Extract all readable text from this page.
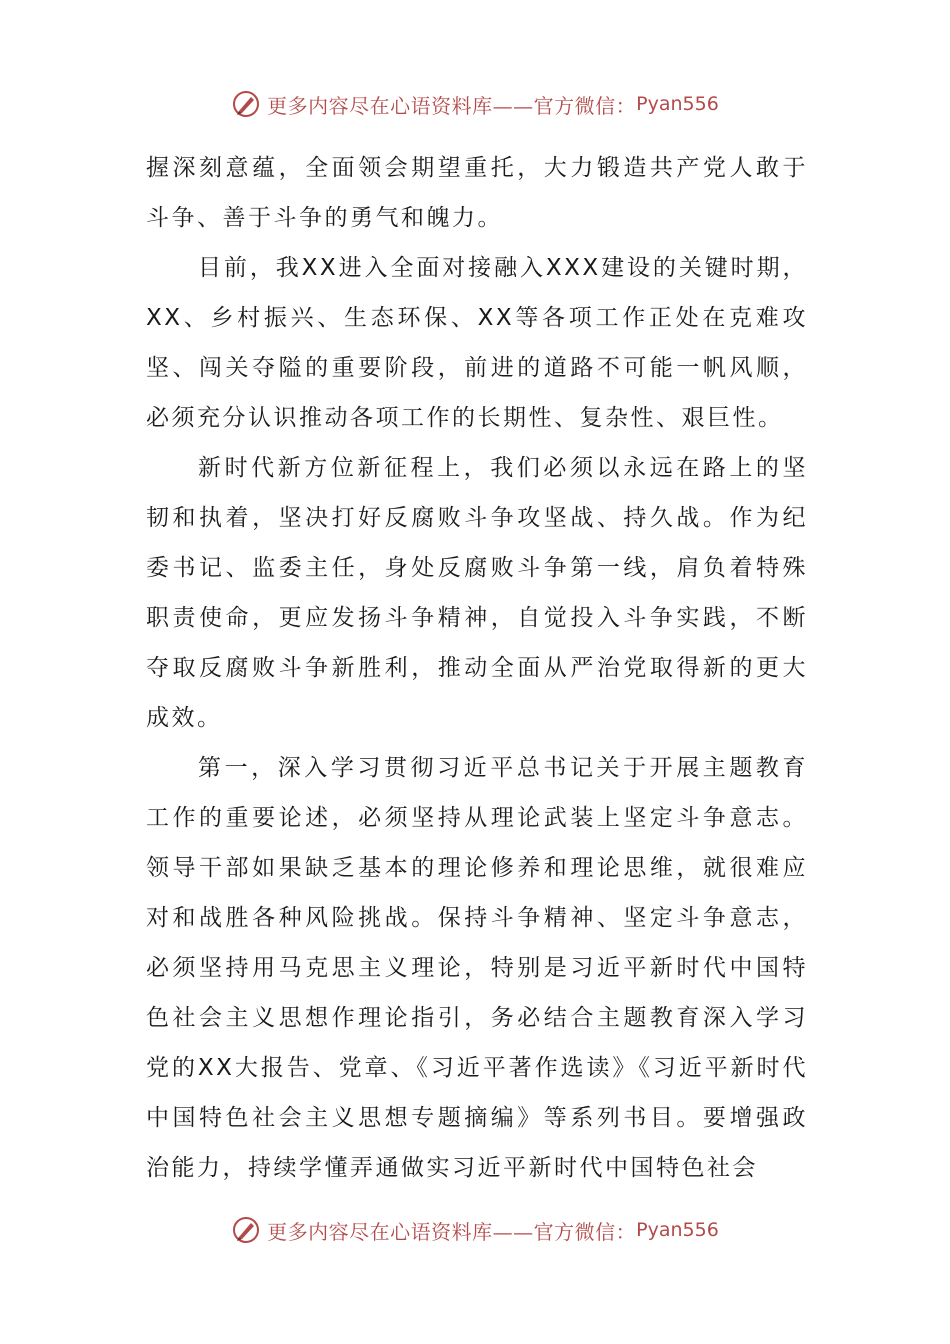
更多内容尽在心语资料库——官方微信： Pyan556

握深刻意蕴，全面领会期望重托，大力锻造共产党人敢于斗争、善于斗争的勇气和魄力。

目前，我XX进入全面对接融入XXX建设的关键时期，XX、乡村振兴、生态环保、XX等各项工作正处在克难攻坚、闯关夺隘的重要阶段，前进的道路不可能一帆风顺，必须充分认识推动各项工作的长期性、复杂性、艰巨性。

新时代新方位新征程上，我们必须以永远在路上的坚韧和执着，坚决打好反腐败斗争攻坚战、持久战。作为纪委书记、监委主任，身处反腐败斗争第一线，肩负着特殊职责使命，更应发扬斗争精神，自觉投入斗争实践，不断夺取反腐败斗争新胜利，推动全面从严治党取得新的更大成效。

第一，深入学习贯彻习近平总书记关于开展主题教育工作的重要论述，必须坚持从理论武装上坚定斗争意志。领导干部如果缺乏基本的理论修养和理论思维，就很难应对和战胜各种风险挑战。保持斗争精神、坚定斗争意志，必须坚持用马克思主义理论，特别是习近平新时代中国特色社会主义思想作理论指引，务必结合主题教育深入学习党的XX大报告、党章、《习近平著作选读》《习近平新时代中国特色社会主义思想专题摘编》等系列书目。要增强政治能力，持续学懂弄通做实习近平新时代中国特色社会

更多内容尽在心语资料库——官方微信： Pyan556
